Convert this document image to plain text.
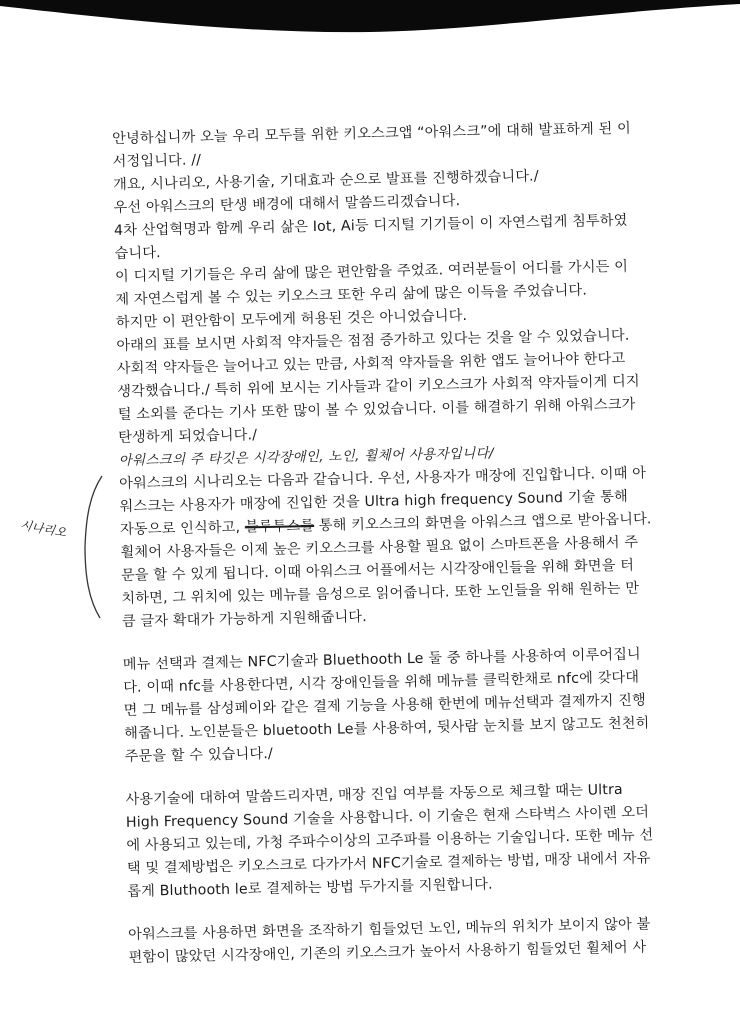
시나리오
안녕하십니까 오늘 우리 모두를 위한 키오스크앱 “아워스크”에 대해 발표하게 된 이
서정입니다. //
개요, 시나리오, 사용기술, 기대효과 순으로 발표를 진행하겠습니다./
우선 아워스크의 탄생 배경에 대해서 말씀드리겠습니다.
4차 산업혁명과 함께 우리 삶은 Iot, Ai등 디지털 기기들이 이 자연스럽게 침투하였
습니다.
이 디지털 기기들은 우리 삶에 많은 편안함을 주었죠. 여러분들이 어디를 가시든 이
제 자연스럽게 볼 수 있는 키오스크 또한 우리 삶에 많은 이득을 주었습니다.
하지만 이 편안함이 모두에게 허용된 것은 아니었습니다.
아래의 표를 보시면 사회적 약자들은 점점 증가하고 있다는 것을 알 수 있었습니다.
사회적 약자들은 늘어나고 있는 만큼, 사회적 약자들을 위한 앱도 늘어나야 한다고
생각했습니다./ 특히 위에 보시는 기사들과 같이 키오스크가 사회적 약자들이게 디지
털 소외를 준다는 기사 또한 많이 볼 수 있었습니다. 이를 해결하기 위해 아워스크가
탄생하게 되었습니다./
아워스크의 주 타깃은 시각장애인, 노인, 휠체어 사용자입니다/
아워스크의 시나리오는 다음과 같습니다. 우선, 사용자가 매장에 진입합니다. 이때 아
워스크는 사용자가 매장에 진입한 것을 Ultra high frequency Sound 기술 통해
자동으로 인식하고, 블루투스를 통해 키오스크의 화면을 아워스크 앱으로 받아옵니다.
휠체어 사용자들은 이제 높은 키오스크를 사용할 필요 없이 스마트폰을 사용해서 주
문을 할 수 있게 됩니다. 이때 아워스크 어플에서는 시각장애인들을 위해 화면을 터
치하면, 그 위치에 있는 메뉴를 음성으로 읽어줍니다. 또한 노인들을 위해 원하는 만
큼 글자 확대가 가능하게 지원해줍니다.
메뉴 선택과 결제는 NFC기술과 Bluethooth Le 둘 중 하나를 사용하여 이루어집니
다. 이때 nfc를 사용한다면, 시각 장애인들을 위해 메뉴를 클릭한채로 nfc에 갖다대
면 그 메뉴를 삼성페이와 같은 결제 기능을 사용해 한번에 메뉴선택과 결제까지 진행
해줍니다. 노인분들은 bluetooth Le를 사용하여, 뒷사람 눈치를 보지 않고도 천천히
주문을 할 수 있습니다./
사용기술에 대하여 말씀드리자면, 매장 진입 여부를 자동으로 체크할 때는 Ultra
High Frequency Sound 기술을 사용합니다. 이 기술은 현재 스타벅스 사이렌 오더
에 사용되고 있는데, 가청 주파수이상의 고주파를 이용하는 기술입니다. 또한 메뉴 선
택 및 결제방법은 키오스크로 다가가서 NFC기술로 결제하는 방법, 매장 내에서 자유
롭게 Bluthooth le로 결제하는 방법 두가지를 지원합니다.
아워스크를 사용하면 화면을 조작하기 힘들었던 노인, 메뉴의 위치가 보이지 않아 불
편함이 많았던 시각장애인, 기존의 키오스크가 높아서 사용하기 힘들었던 휠체어 사
